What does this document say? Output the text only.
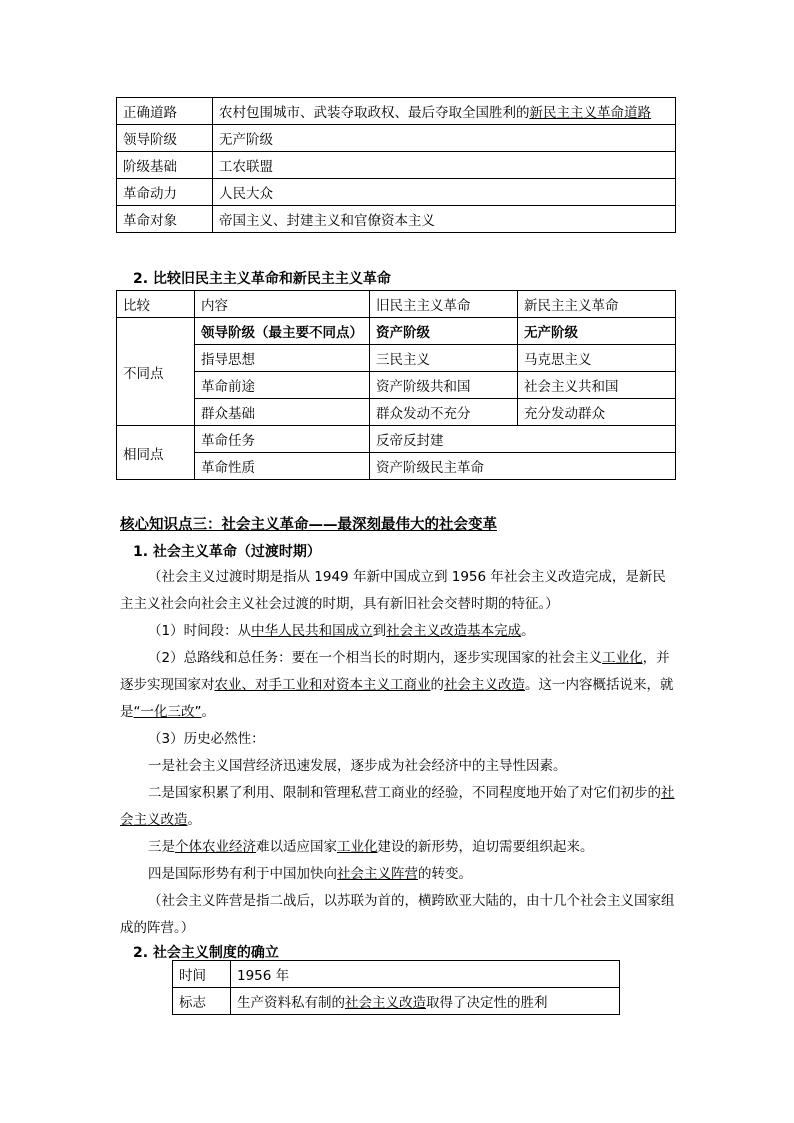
正确道路	农村包围城市、武装夺取政权、最后夺取全国胜利的新民主主义革命道路
领导阶级	无产阶级
阶级基础	工农联盟
革命动力	人民大众
革命对象	帝国主义、封建主义和官僚资本主义
2. 比较旧民主主义革命和新民主主义革命
比较	内容	旧民主主义革命	新民主主义革命
不同点	领导阶级（最主要不同点）	资产阶级	无产阶级
	指导思想	三民主义	马克思主义
	革命前途	资产阶级共和国	社会主义共和国
	群众基础	群众发动不充分	充分发动群众
相同点	革命任务	反帝反封建	
	革命性质	资产阶级民主革命	
核心知识点三：社会主义革命——最深刻最伟大的社会变革
1. 社会主义革命（过渡时期）
（社会主义过渡时期是指从 1949 年新中国成立到 1956 年社会主义改造完成，是新民主主义社会向社会主义社会过渡的时期，具有新旧社会交替时期的特征。）
（1）时间段：从中华人民共和国成立到社会主义改造基本完成。
（2）总路线和总任务：要在一个相当长的时期内，逐步实现国家的社会主义工业化，并逐步实现国家对农业、对手工业和对资本主义工商业的社会主义改造。这一内容概括说来，就是“一化三改”。
（3）历史必然性：
一是社会主义国营经济迅速发展，逐步成为社会经济中的主导性因素。
二是国家积累了利用、限制和管理私营工商业的经验，不同程度地开始了对它们初步的社会主义改造。
三是个体农业经济难以适应国家工业化建设的新形势，迫切需要组织起来。
四是国际形势有利于中国加快向社会主义阵营的转变。
（社会主义阵营是指二战后，以苏联为首的，横跨欧亚大陆的，由十几个社会主义国家组成的阵营。）
2. 社会主义制度的确立
时间	1956 年
标志	生产资料私有制的社会主义改造取得了决定性的胜利
